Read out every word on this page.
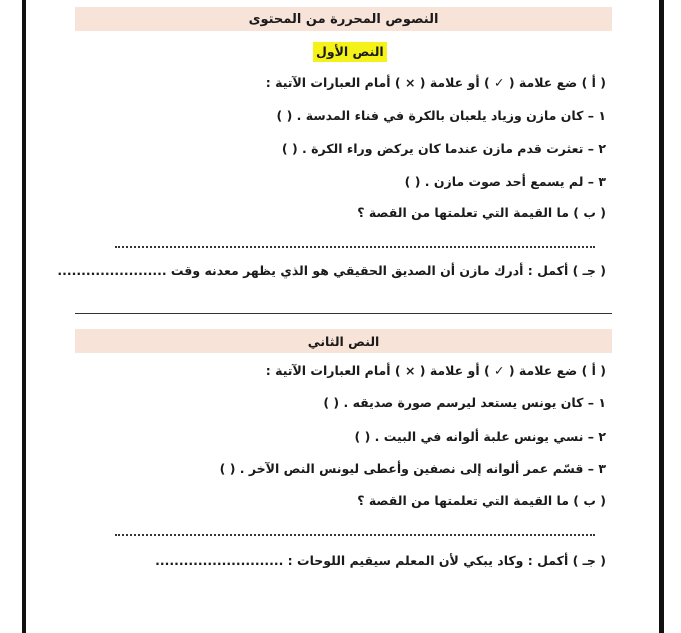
النصوص المحررة من المحتوى
النص الأول
( أ ) ضع علامة ( ✓ ) أو علامة ( × ) أمام العبارات الآتية :
١ – كان مازن وزياد يلعبان بالكرة في فناء المدسة . ( )
٢ – تعثرت قدم مازن عندما كان يركض وراء الكرة . ( )
٣ – لم يسمع أحد صوت مازن . ( )
( ب ) ما القيمة التي تعلمتها من القصة ؟
( جـ ) أكمل : أدرك مازن أن الصديق الحقيقي هو الذي يظهر معدنه وقت .......................
النص الثاني
( أ ) ضع علامة ( ✓ ) أو علامة ( × ) أمام العبارات الآتية :
١ – كان يونس يستعد ليرسم صورة صديقه . ( )
٢ – نسي يونس علبة ألوانه في البيت . ( )
٣ – قسّم عمر ألوانه إلى نصفين وأعطى ليونس النص الآخر . ( )
( ب ) ما القيمة التي تعلمتها من القصة ؟
( جـ ) أكمل : وكاد يبكي لأن المعلم سيقيم اللوحات : ...........................
